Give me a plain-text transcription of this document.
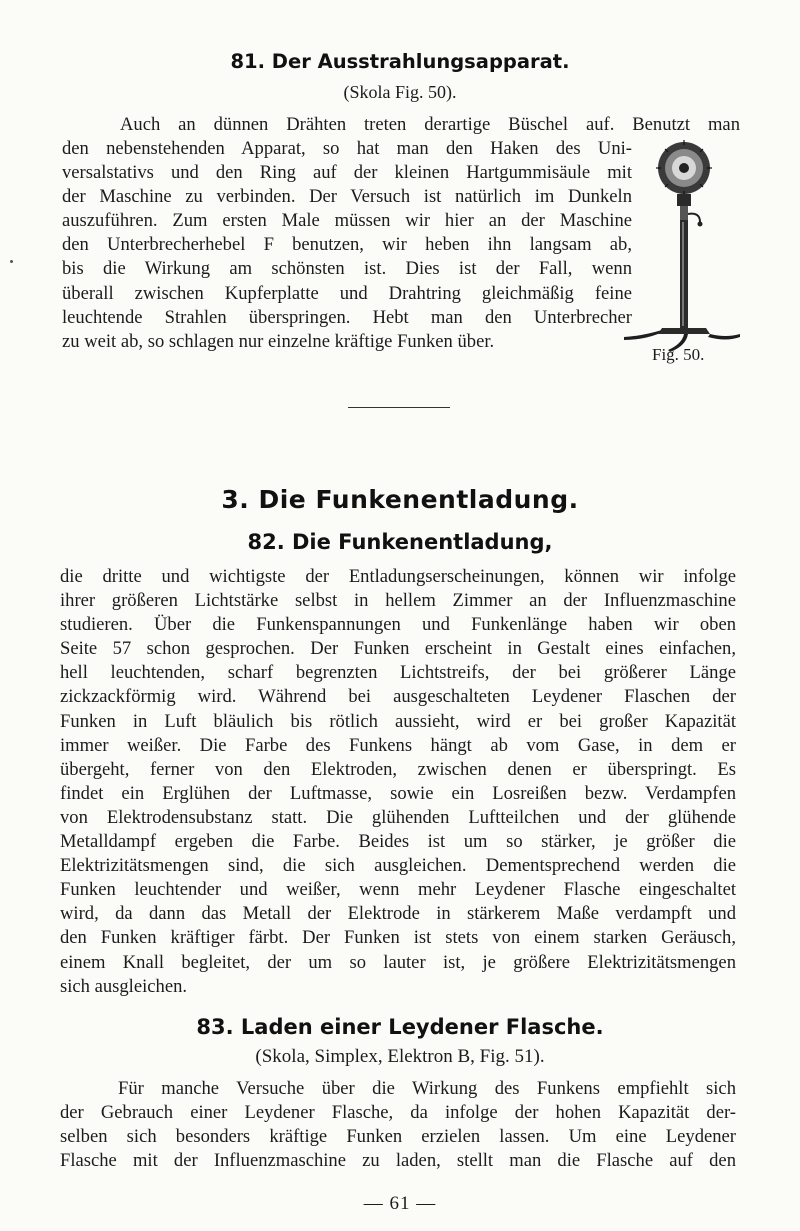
81. Der Ausstrahlungsapparat.
(Skola Fig. 50).
Auch an dünnen Drähten treten derartige Büschel auf. Benutzt man
den nebenstehenden Apparat, so hat man den Haken des Uni-
versalstativs und den Ring auf der kleinen Hartgummisäule mit
der Maschine zu verbinden. Der Versuch ist natürlich im Dunkeln
auszuführen. Zum ersten Male müssen wir hier an der Maschine
den Unterbrecherhebel F benutzen, wir heben ihn langsam ab,
bis die Wirkung am schönsten ist. Dies ist der Fall, wenn
überall zwischen Kupferplatte und Drahtring gleichmäßig feine
leuchtende Strahlen überspringen. Hebt man den Unterbrecher
zu weit ab, so schlagen nur einzelne kräftige Funken über.
Fig. 50.
3. Die Funkenentladung.
82. Die Funkenentladung,
die dritte und wichtigste der Entladungserscheinungen, können wir infolge
ihrer größeren Lichtstärke selbst in hellem Zimmer an der Influenzmaschine
studieren. Über die Funkenspannungen und Funkenlänge haben wir oben
Seite 57 schon gesprochen. Der Funken erscheint in Gestalt eines einfachen,
hell leuchtenden, scharf begrenzten Lichtstreifs, der bei größerer Länge
zickzackförmig wird. Während bei ausgeschalteten Leydener Flaschen der
Funken in Luft bläulich bis rötlich aussieht, wird er bei großer Kapazität
immer weißer. Die Farbe des Funkens hängt ab vom Gase, in dem er
übergeht, ferner von den Elektroden, zwischen denen er überspringt. Es
findet ein Erglühen der Luftmasse, sowie ein Losreißen bezw. Verdampfen
von Elektrodensubstanz statt. Die glühenden Luftteilchen und der glühende
Metalldampf ergeben die Farbe. Beides ist um so stärker, je größer die
Elektrizitätsmengen sind, die sich ausgleichen. Dementsprechend werden die
Funken leuchtender und weißer, wenn mehr Leydener Flasche eingeschaltet
wird, da dann das Metall der Elektrode in stärkerem Maße verdampft und
den Funken kräftiger färbt. Der Funken ist stets von einem starken Geräusch,
einem Knall begleitet, der um so lauter ist, je größere Elektrizitätsmengen
sich ausgleichen.
83. Laden einer Leydener Flasche.
(Skola, Simplex, Elektron B, Fig. 51).
Für manche Versuche über die Wirkung des Funkens empfiehlt sich
der Gebrauch einer Leydener Flasche, da infolge der hohen Kapazität der-
selben sich besonders kräftige Funken erzielen lassen. Um eine Leydener
Flasche mit der Influenzmaschine zu laden, stellt man die Flasche auf den
— 61 —
